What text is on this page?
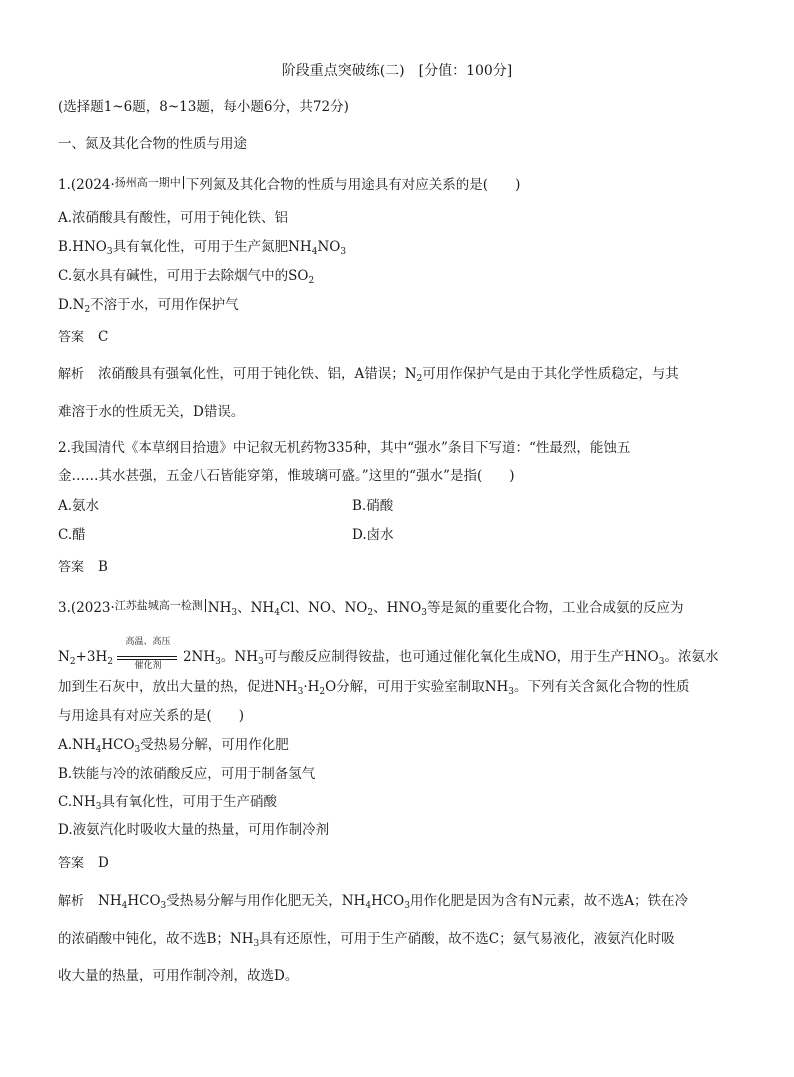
阶段重点突破练(二)　[分值：100分]
(选择题1~6题，8~13题，每小题6分，共72分)
一、氮及其化合物的性质与用途
1.(2024·$^{扬州高一期中}$ 下列氮及其化合物的性质与用途具有对应关系的是(　　)
A.浓硝酸具有酸性，可用于钝化铁、铝
$B.HNO_3$具有氧化性，可用于生产氮肥$NH_4NO_3$
C.氨水具有碱性，可用于去除烟气中的$SO_2$
$D.N_2$不溶于水，可用作保护气
答案 C
解析 浓硝酸具有强氧化性，可用于钝化铁、铝，A错误；$N_2$可用作保护气是由于其化学性质稳定，与其
难溶于水的性质无关，D错误。
2.我国清代《本草纲目拾遗》中记叙无机药物335种，其中“强水”条目下写道：“性最烈，能蚀五
金……其水甚强，五金八石皆能穿第，惟玻璃可盛。”这里的“强水”是指(　　)
A.氨水	B.硝酸
C.醋	D.卤水
答案 B
3.(2023·$^{江苏盐城高一检测}$ $NH_3$、$NH_4Cl$、NO、$NO_2$、$HNO_3$等是氮的重要化合物，工业合成氨的反应为
$N_2+3H_2$
高温、高压
催化剂
$2NH_3$。$NH_3$可与酸反应制得铵盐，也可通过催化氧化生成NO，用于生产$HNO_3$。浓氨水
加到生石灰中，放出大量的热，促进$NH_3\cdot H_2O$分解，可用于实验室制取$NH_3$。下列有关含氮化合物的性质
与用途具有对应关系的是(　　)
$A.NH_4HCO_3$受热易分解，可用作化肥
B.铁能与冷的浓硝酸反应，可用于制备氢气
$C.NH_3$具有氧化性，可用于生产硝酸
D.液氨汽化时吸收大量的热量，可用作制冷剂
答案 D
解析 $NH_4HCO_3$受热易分解与用作化肥无关，$NH_4HCO_3$用作化肥是因为含有N元素，故不选A；铁在冷
的浓硝酸中钝化，故不选B；$NH_3$具有还原性，可用于生产硝酸，故不选C；氨气易液化，液氨汽化时吸
收大量的热量，可用作制冷剂，故选D。
